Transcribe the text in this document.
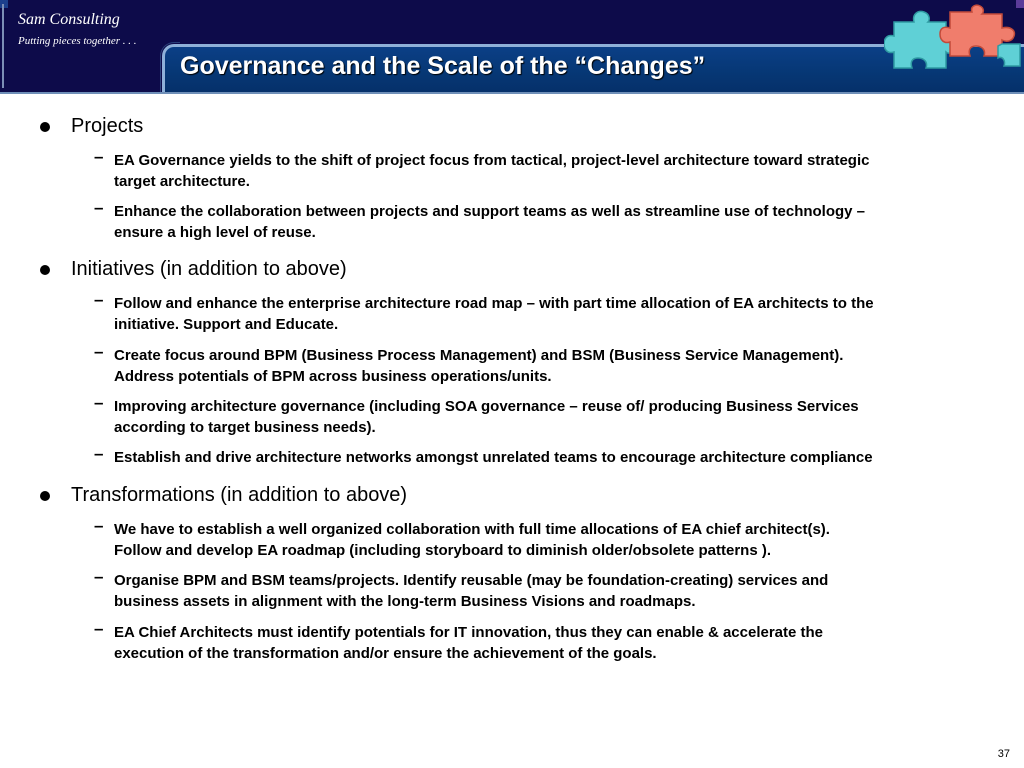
Sam Consulting
Putting pieces together . . .
Governance and the Scale of the “Changes”
Projects
– EA Governance yields to the shift of project focus from tactical, project-level architecture toward strategic
target architecture.
– Enhance the collaboration between projects and support teams as well as streamline use of technology –
ensure a high level of reuse.
Initiatives (in addition to above)
– Follow and enhance the enterprise architecture road map – with part time allocation of EA architects to the
initiative. Support and Educate.
– Create focus around BPM (Business Process Management) and BSM (Business Service Management).
Address potentials of BPM across business operations/units.
– Improving architecture governance (including SOA governance – reuse of/ producing Business Services
according to target business needs).
– Establish and drive architecture networks amongst unrelated teams to encourage architecture compliance
Transformations (in addition to above)
– We have to establish a well organized collaboration with full time allocations of EA chief architect(s).
Follow and develop EA roadmap (including storyboard to diminish older/obsolete patterns ).
– Organise BPM and BSM teams/projects. Identify reusable (may be foundation-creating) services and
business assets in alignment with the long-term Business Visions and roadmaps.
– EA Chief Architects must identify potentials for IT innovation, thus they can enable & accelerate the
execution of the transformation and/or ensure the achievement of the goals.
37
